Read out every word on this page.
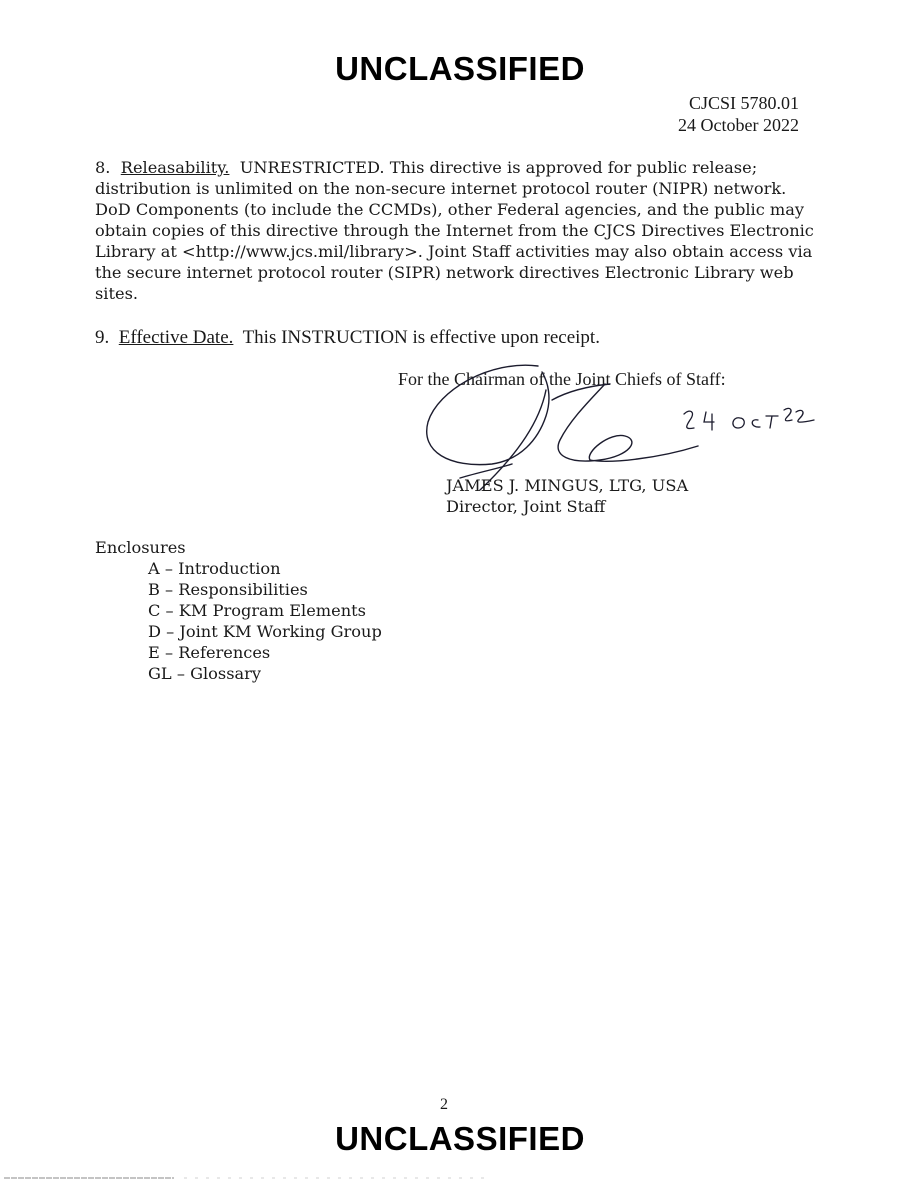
UNCLASSIFIED
CJCSI 5780.01
24 October 2022
8. Releasability. UNRESTRICTED. This directive is approved for public release; distribution is unlimited on the non-secure internet protocol router (NIPR) network. DoD Components (to include the CCMDs), other Federal agencies, and the public may obtain copies of this directive through the Internet from the CJCS Directives Electronic Library at <http://www.jcs.mil/library>. Joint Staff activities may also obtain access via the secure internet protocol router (SIPR) network directives Electronic Library web sites.
9. Effective Date. This INSTRUCTION is effective upon receipt.
For the Chairman of the Joint Chiefs of Staff:
24 Oct 22
JAMES J. MINGUS, LTG, USA
Director, Joint Staff
Enclosures
A – Introduction
B – Responsibilities
C – KM Program Elements
D – Joint KM Working Group
E – References
GL – Glossary
2
UNCLASSIFIED
